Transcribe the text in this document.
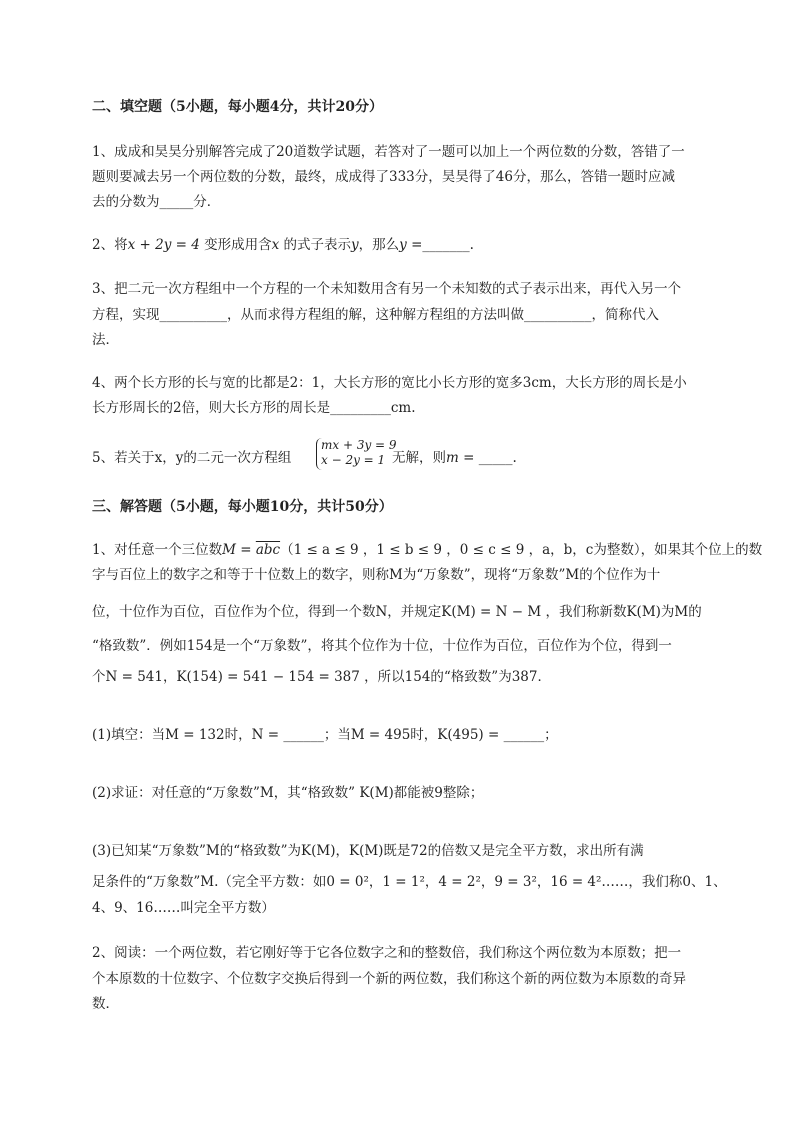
二、填空题（5小题，每小题4分，共计20分）

1、成成和昊昊分别解答完成了20道数学试题，若答对了一题可以加上一个两位数的分数，答错了一

题则要减去另一个两位数的分数，最终，成成得了333分，昊昊得了46分，那么，答错一题时应减

去的分数为_____分．

2、将x + 2y = 4 变形成用含x 的式子表示y，那么y =_______.

3、把二元一次方程组中一个方程的一个未知数用含有另一个未知数的式子表示出来，再代入另一个

方程，实现__________，从而求得方程组的解，这种解方程组的方法叫做__________，简称代入

法．

4、两个长方形的长与宽的比都是2：1，大长方形的宽比小长方形的宽多3cm，大长方形的周长是小

长方形周长的2倍，则大长方形的周长是_________cm.

5、若关于x，y的二元一次方程组

mx + 3y = 9
x − 2y = 1 无解，则m = _____.

三、解答题（5小题，每小题10分，共计50分）

1、对任意一个三位数$M = \overline{abc}(1 \le a \le 9$ ，1 ≤ b ≤ 9 ，0 ≤ c ≤ 9 ，a，b，c为整数），如果其个位上的数

字与百位上的数字之和等于十位数上的数字，则称M为“万象数”，现将“万象数”M的个位作为十

位，十位作为百位，百位作为个位，得到一个数N，并规定K(M) = N − M ，我们称新数K(M)为M的

“格致数”．例如154是一个“万象数”，将其个位作为十位，十位作为百位，百位作为个位，得到一

个N = 541，K(154) = 541 − 154 = 387 ，所以154的“格致数”为387．

(1)填空：当M = 132时，N = ______；当M = 495时，K(495) = ______；

(2)求证：对任意的“万象数”M，其“格致数” K(M)都能被9整除；

(3)已知某“万象数”M的“格致数”为K(M)，K(M)既是72的倍数又是完全平方数，求出所有满

足条件的“万象数”M.（完全平方数：如0 = 0²，1 = 1²，4 = 2²，9 = 3²，16 = 4²……，我们称0、1、

4、9、16……叫完全平方数）

2、阅读：一个两位数，若它刚好等于它各位数字之和的整数倍，我们称这个两位数为本原数；把一

个本原数的十位数字、个位数字交换后得到一个新的两位数，我们称这个新的两位数为本原数的奇异

数．
